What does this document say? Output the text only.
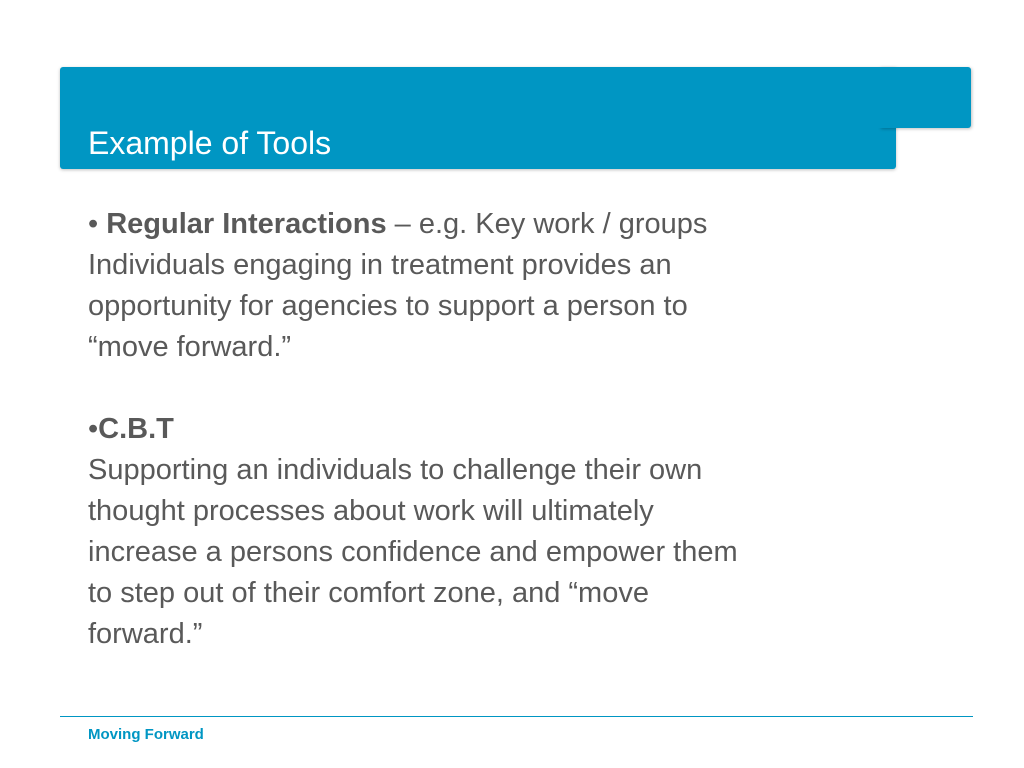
Example of Tools

• Regular Interactions – e.g. Key work / groups

Individuals engaging in treatment provides an

opportunity for agencies to support a person to

“move forward.”

•C.B.T

Supporting an individuals to challenge their own

thought processes about work will ultimately

increase a persons confidence and empower them

to step out of their comfort zone, and “move

forward.”

Moving Forward
